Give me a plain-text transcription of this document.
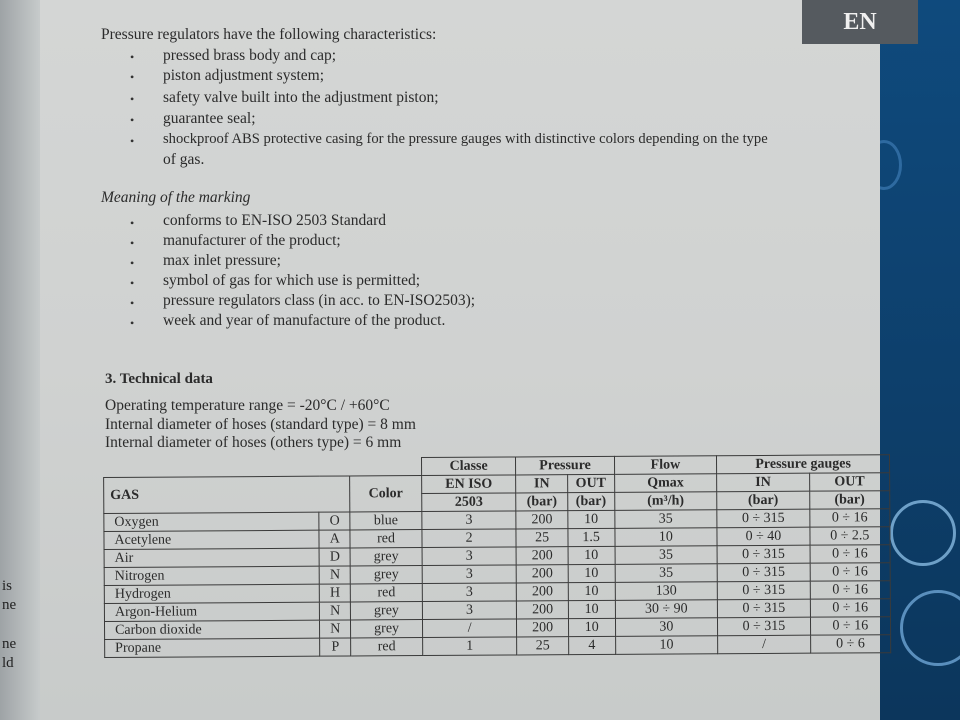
is
ne
ne
ld
EN
Pressure regulators have the following characteristics:
• pressed brass body and cap;
• piston adjustment system;
• safety valve built into the adjustment piston;
• guarantee seal;
• shockproof ABS protective casing for the pressure gauges with distinctive colors depending on the type
of gas.
Meaning of the marking
• conforms to EN-ISO 2503 Standard
• manufacturer of the product;
• max inlet pressure;
• symbol of gas for which use is permitted;
• pressure regulators class (in acc. to EN-ISO2503);
• week and year of manufacture of the product.
3. Technical data
Operating temperature range = -20°C / +60°C
Internal diameter of hoses (standard type) = 8 mm
Internal diameter of hoses (others type) = 6 mm
			Classe	Pressure		Flow	Pressure gauges	
GAS		Color	EN ISO	IN	OUT	Qmax	IN	OUT
			2503	(bar)	(bar)	(m³/h)	(bar)	(bar)
Oxygen	O	blue	3	200	10	35	0 ÷ 315	0 ÷ 16
Acetylene	A	red	2	25	1.5	10	0 ÷ 40	0 ÷ 2.5
Air	D	grey	3	200	10	35	0 ÷ 315	0 ÷ 16
Nitrogen	N	grey	3	200	10	35	0 ÷ 315	0 ÷ 16
Hydrogen	H	red	3	200	10	130	0 ÷ 315	0 ÷ 16
Argon-Helium	N	grey	3	200	10	30 ÷ 90	0 ÷ 315	0 ÷ 16
Carbon dioxide	N	grey	/	200	10	30	0 ÷ 315	0 ÷ 16
Propane	P	red	1	25	4	10	/	0 ÷ 6
